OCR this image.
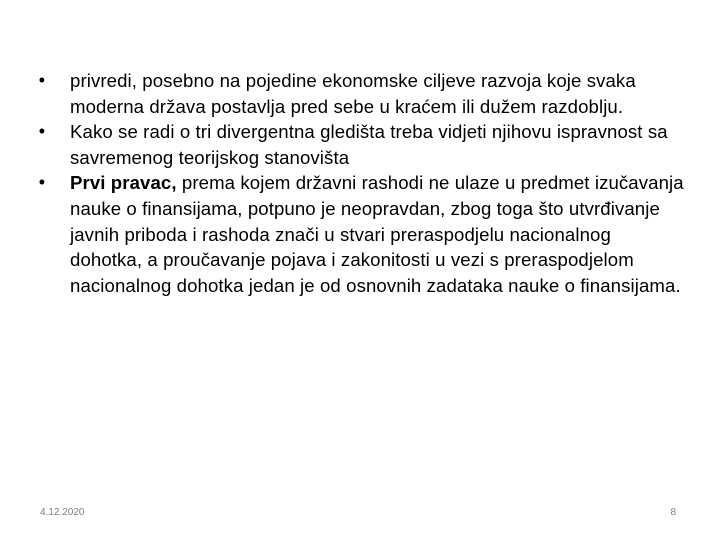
• privredi, posebno na pojedine ekonomske ciljeve razvoja koje svaka moderna država postavlja pred sebe u kraćem ili dužem razdoblju.
• Kako se radi o tri divergentna gledišta treba vidjeti njihovu ispravnost sa savremenog teorijskog stanovišta
• Prvi pravac, prema kojem državni rashodi ne ulaze u predmet izučavanja nauke o finansijama, potpuno je neopravdan, zbog toga što utvrđivanje javnih priboda i rashoda znači u stvari preraspodjelu nacionalnog dohotka, a proučavanje pojava i zakonitosti u vezi s preraspodjelom nacionalnog dohotka jedan je od osnovnih zadataka nauke o finansijama.
4.12.2020	8
